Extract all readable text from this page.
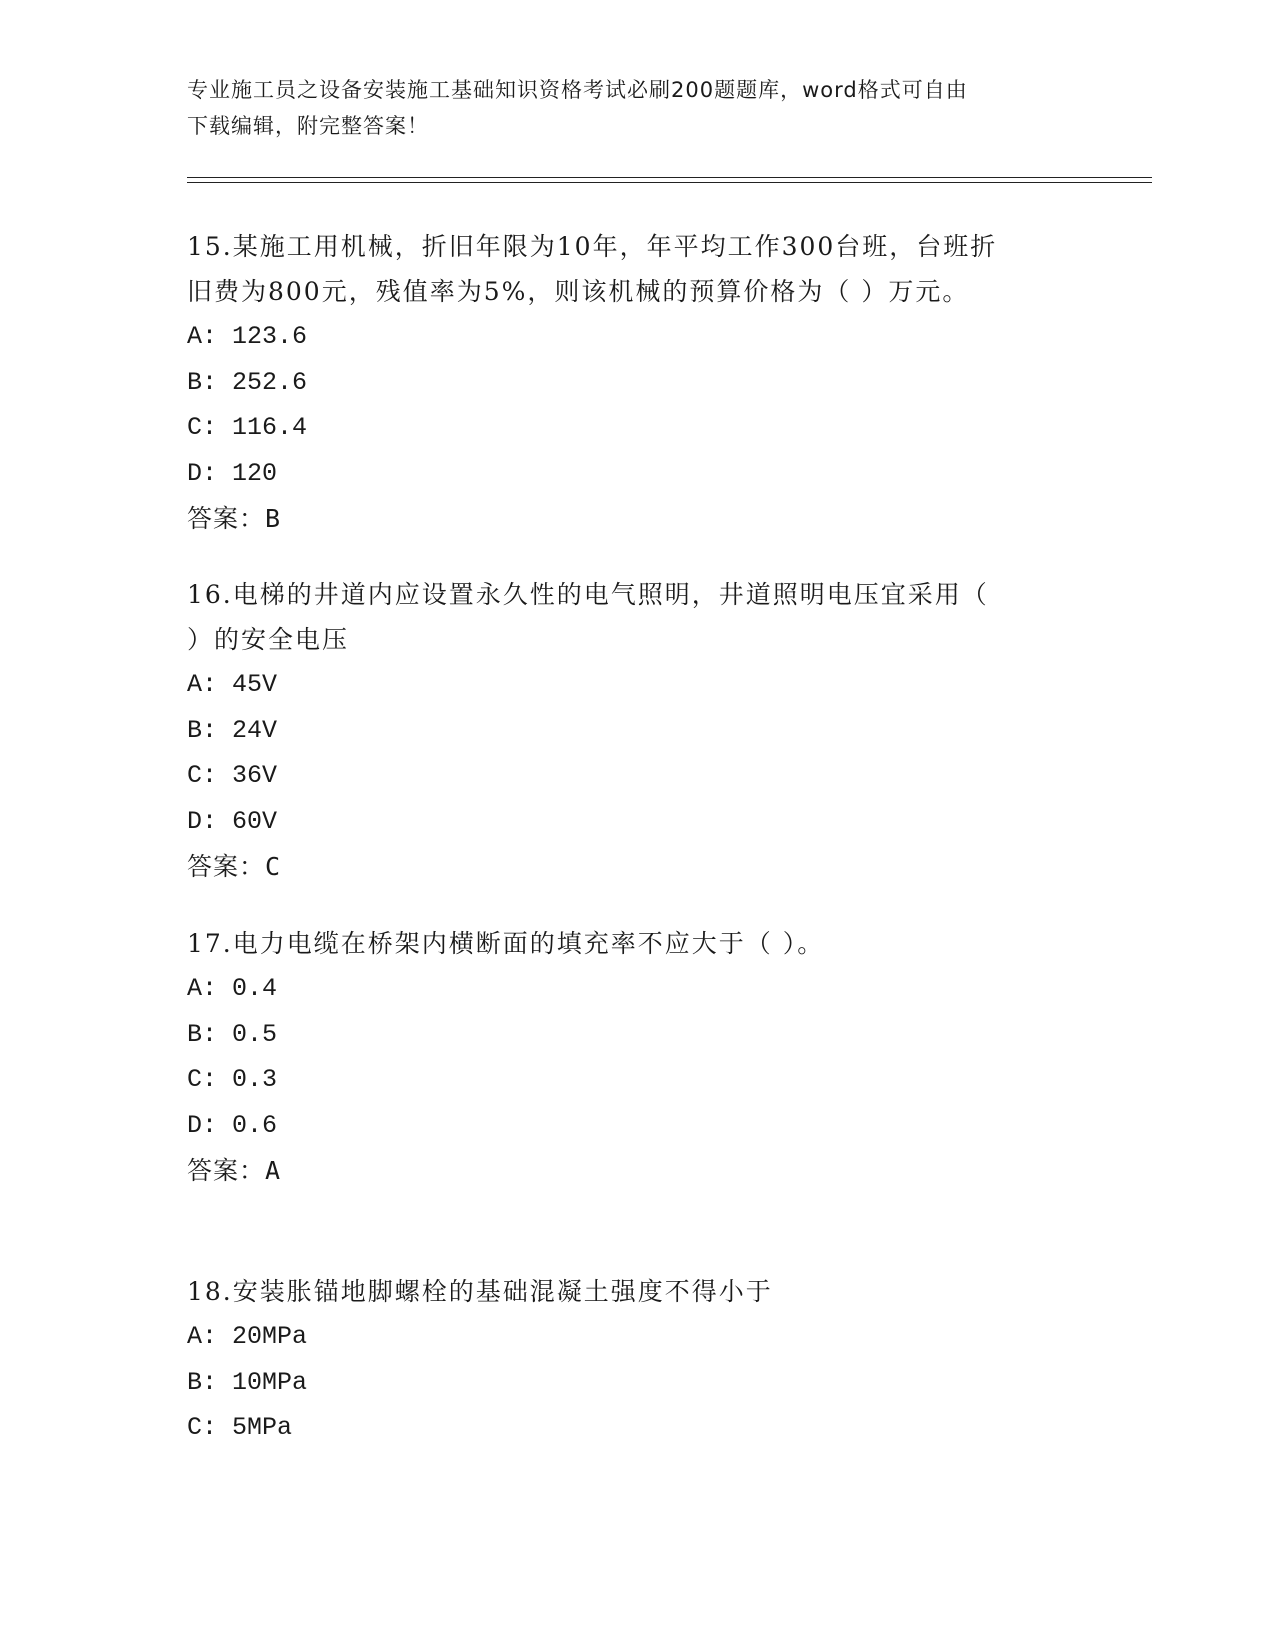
专业施工员之设备安装施工基础知识资格考试必刷200题题库，word格式可自由
下载编辑，附完整答案！

15.某施工用机械，折旧年限为10年，年平均工作300台班，台班折

旧费为800元，残值率为5%，则该机械的预算价格为（ ）万元。

A: 123.6

B: 252.6

C: 116.4

D: 120

答案：B

16.电梯的井道内应设置永久性的电气照明，井道照明电压宜采用（

）的安全电压

A: 45V

B: 24V

C: 36V

D: 60V

答案：C

17.电力电缆在桥架内横断面的填充率不应大于（ ）。

A: 0.4

B: 0.5

C: 0.3

D: 0.6

答案：A

18.安装胀锚地脚螺栓的基础混凝土强度不得小于

A: 20MPa

B: 10MPa

C: 5MPa
